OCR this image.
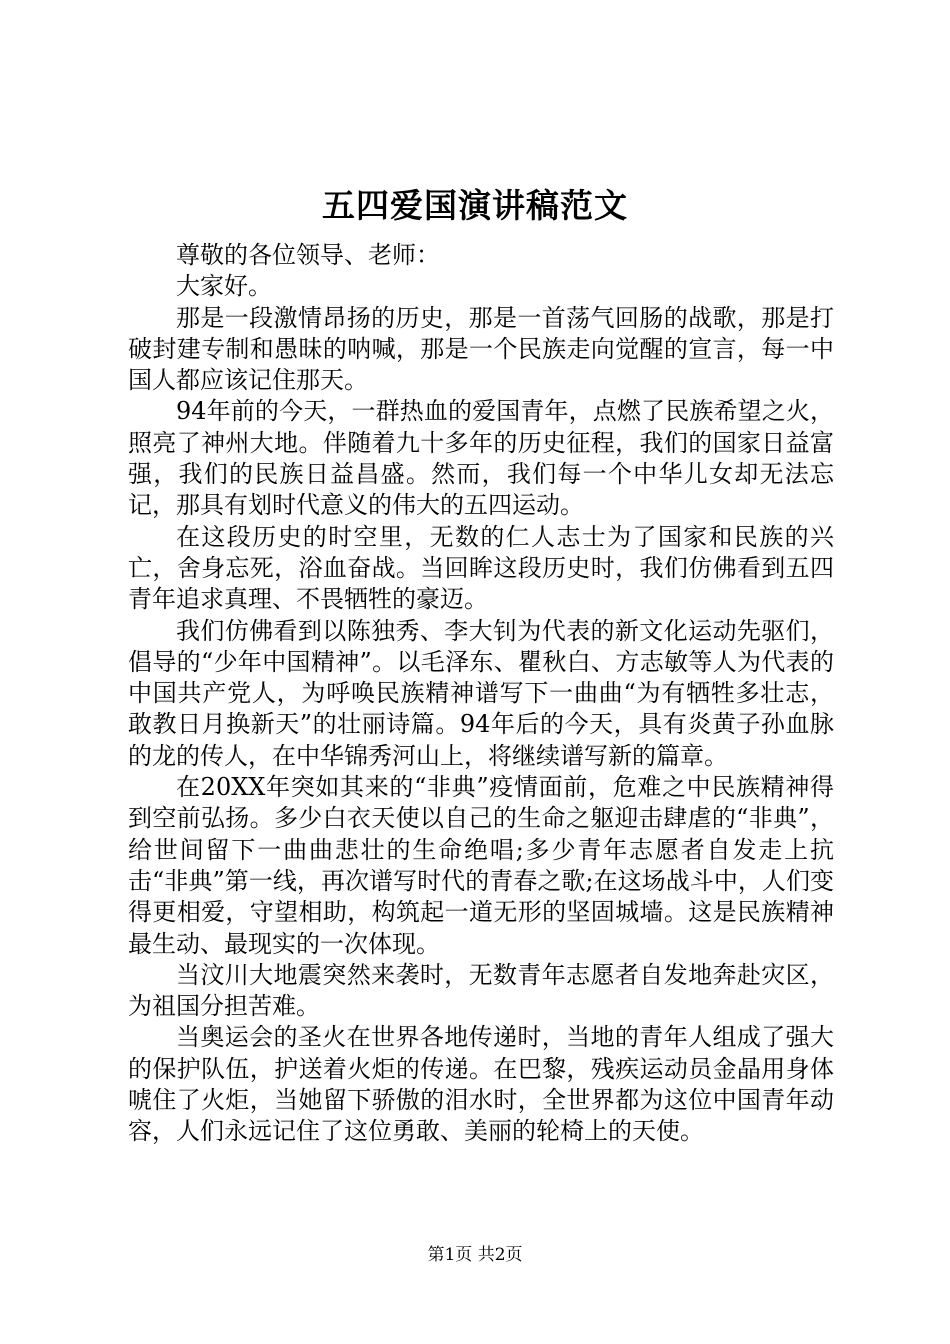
五四爱国演讲稿范文

尊敬的各位领导、老师：

大家好。

那是一段激情昂扬的历史，那是一首荡气回肠的战歌，那是打破封建专制和愚昧的呐喊，那是一个民族走向觉醒的宣言，每一中国人都应该记住那天。

94年前的今天，一群热血的爱国青年，点燃了民族希望之火，照亮了神州大地。伴随着九十多年的历史征程，我们的国家日益富强，我们的民族日益昌盛。然而，我们每一个中华儿女却无法忘记，那具有划时代意义的伟大的五四运动。

在这段历史的时空里，无数的仁人志士为了国家和民族的兴亡，舍身忘死，浴血奋战。当回眸这段历史时，我们仿佛看到五四青年追求真理、不畏牺牲的豪迈。

我们仿佛看到以陈独秀、李大钊为代表的新文化运动先驱们，倡导的“少年中国精神”。以毛泽东、瞿秋白、方志敏等人为代表的中国共产党人，为呼唤民族精神谱写下一曲曲“为有牺牲多壮志，敢教日月换新天”的壮丽诗篇。94年后的今天，具有炎黄子孙血脉的龙的传人，在中华锦秀河山上，将继续谱写新的篇章。

在20XX年突如其来的“非典”疫情面前，危难之中民族精神得到空前弘扬。多少白衣天使以自己的生命之躯迎击肆虐的“非典”，给世间留下一曲曲悲壮的生命绝唱;多少青年志愿者自发走上抗击“非典”第一线，再次谱写时代的青春之歌;在这场战斗中，人们变得更相爱，守望相助，构筑起一道无形的坚固城墙。这是民族精神最生动、最现实的一次体现。

当汶川大地震突然来袭时，无数青年志愿者自发地奔赴灾区，为祖国分担苦难。

当奥运会的圣火在世界各地传递时，当地的青年人组成了强大的保护队伍，护送着火炬的传递。在巴黎，残疾运动员金晶用身体唬住了火炬，当她留下骄傲的泪水时，全世界都为这位中国青年动容，人们永远记住了这位勇敢、美丽的轮椅上的天使。

第1页 共2页
